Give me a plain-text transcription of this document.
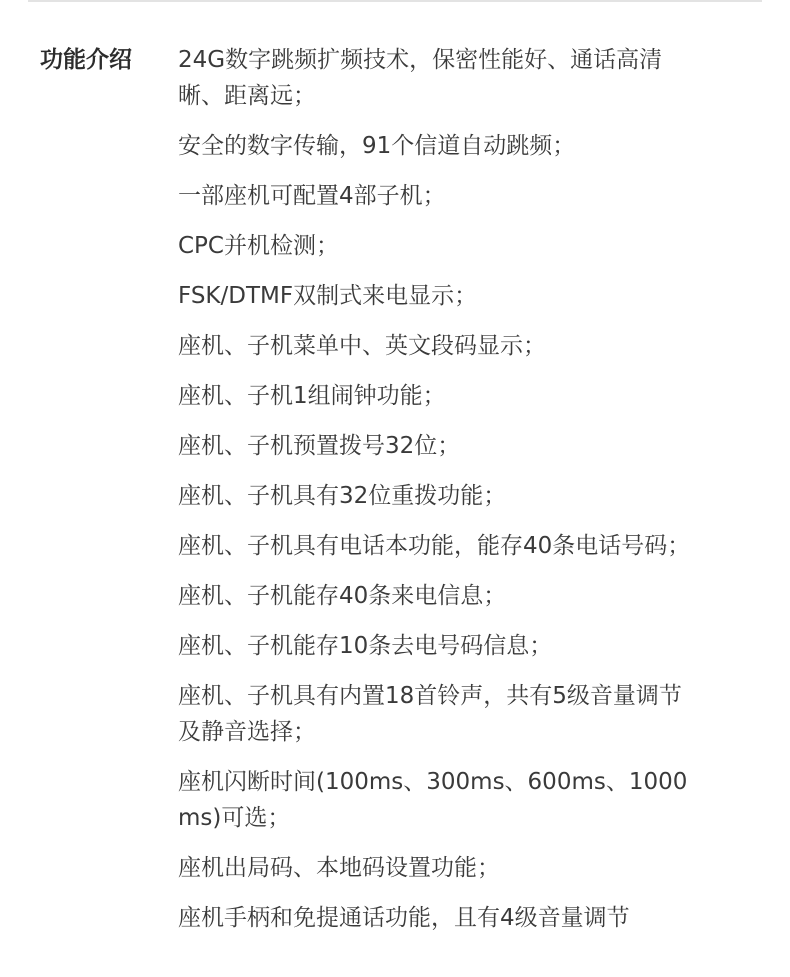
功能介绍	24G数字跳频扩频技术，保密性能好、通话高清晰、距离远；
安全的数字传输，91个信道自动跳频；
一部座机可配置4部子机；
CPC并机检测；
FSK/DTMF双制式来电显示；
座机、子机菜单中、英文段码显示；
座机、子机1组闹钟功能；
座机、子机预置拨号32位；
座机、子机具有32位重拨功能；
座机、子机具有电话本功能，能存40条电话号码；
座机、子机能存40条来电信息；
座机、子机能存10条去电号码信息；
座机、子机具有内置18首铃声，共有5级音量调节及静音选择；
座机闪断时间(100ms、300ms、600ms、1000ms)可选；
座机出局码、本地码设置功能；
座机手柄和免提通话功能，且有4级音量调节
